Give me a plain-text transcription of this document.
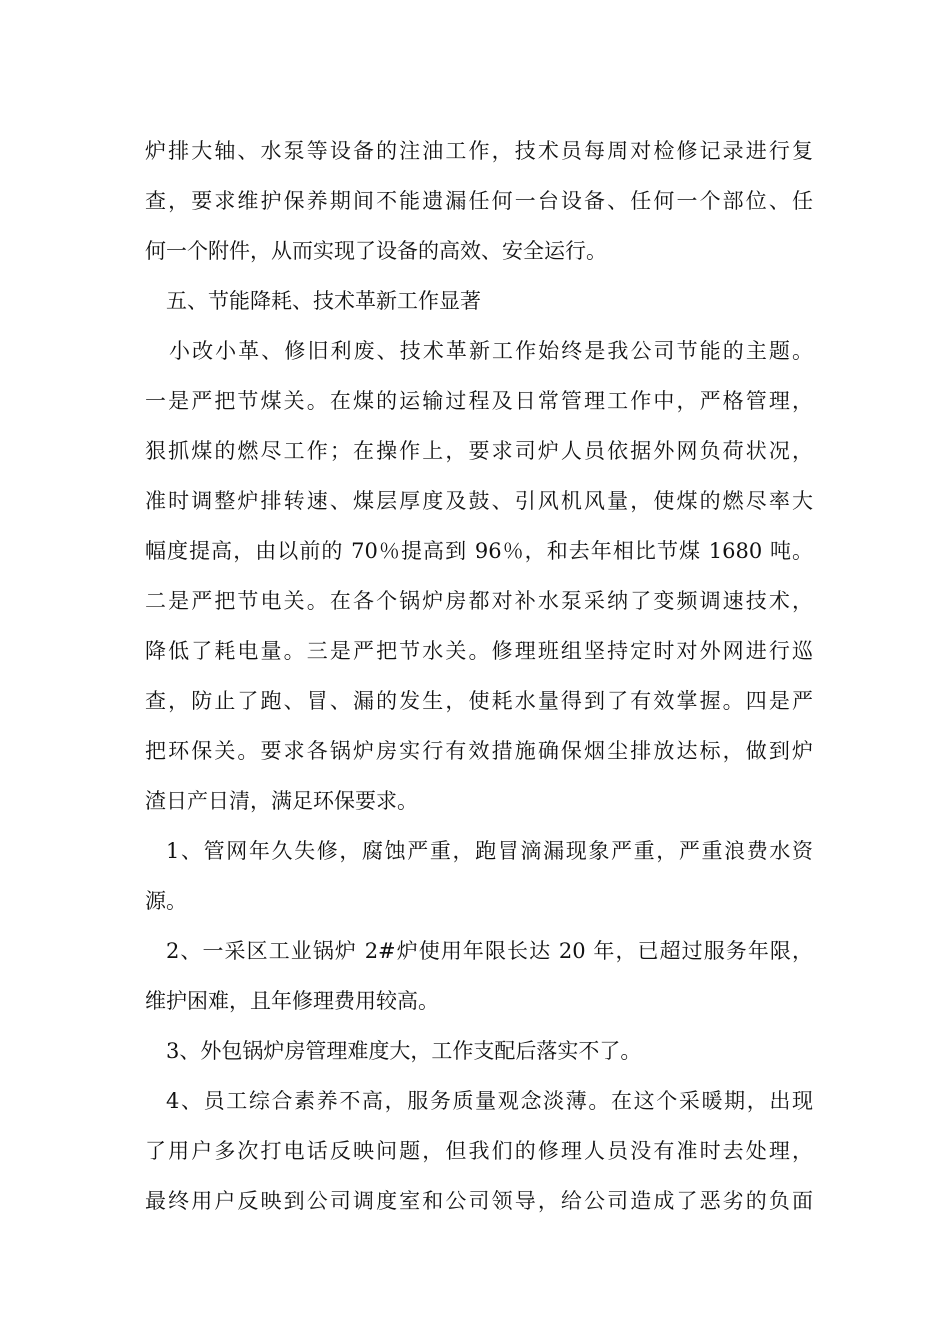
炉排大轴、水泵等设备的注油工作，技术员每周对检修记录进行复
查，要求维护保养期间不能遗漏任何一台设备、任何一个部位、任
何一个附件，从而实现了设备的高效、安全运行。
五、节能降耗、技术革新工作显著
小改小革、修旧利废、技术革新工作始终是我公司节能的主题。
一是严把节煤关。在煤的运输过程及日常管理工作中，严格管理，
狠抓煤的燃尽工作；在操作上，要求司炉人员依据外网负荷状况，
准时调整炉排转速、煤层厚度及鼓、引风机风量，使煤的燃尽率大
幅度提高，由以前的 70％提高到 96％，和去年相比节煤 1680 吨。
二是严把节电关。在各个锅炉房都对补水泵采纳了变频调速技术，
降低了耗电量。三是严把节水关。修理班组坚持定时对外网进行巡
查，防止了跑、冒、漏的发生，使耗水量得到了有效掌握。四是严
把环保关。要求各锅炉房实行有效措施确保烟尘排放达标，做到炉
渣日产日清，满足环保要求。
1、管网年久失修，腐蚀严重，跑冒滴漏现象严重，严重浪费水资
源。
2、一采区工业锅炉 2#炉使用年限长达 20 年，已超过服务年限，
维护困难，且年修理费用较高。
3、外包锅炉房管理难度大，工作支配后落实不了。
4、员工综合素养不高，服务质量观念淡薄。在这个采暖期，出现
了用户多次打电话反映问题，但我们的修理人员没有准时去处理，
最终用户反映到公司调度室和公司领导，给公司造成了恶劣的负面
